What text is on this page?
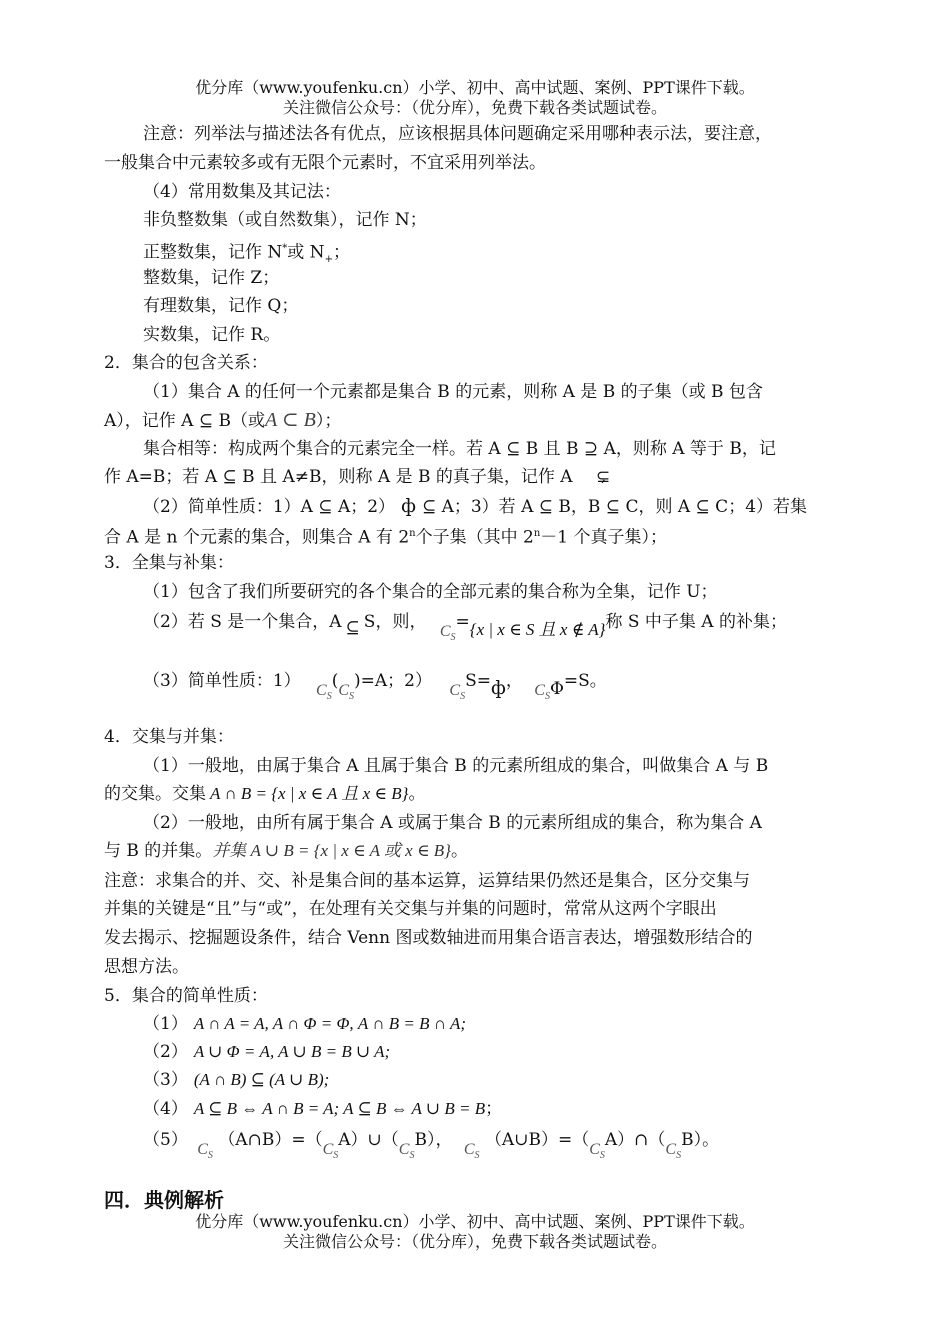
优分库（www.youfenku.cn）小学、初中、高中试题、案例、PPT课件下载。
关注微信公众号：（优分库），免费下载各类试题试卷。
注意：列举法与描述法各有优点，应该根据具体问题确定采用哪种表示法，要注意，
一般集合中元素较多或有无限个元素时，不宜采用列举法。
（4）常用数集及其记法：
非负整数集（或自然数集），记作 N；
正整数集，记作 N*或 $N_+$；
整数集，记作 Z；
有理数集，记作 Q；
实数集，记作 R。
2．集合的包含关系：
（1）集合 A 的任何一个元素都是集合 B 的元素，则称 A 是 B 的子集（或 B 包含
A），记作 A ⊆ B（或A ⊂ B）；
集合相等：构成两个集合的元素完全一样。若 A ⊆ B 且 B ⊇ A，则称 A 等于 B，记
作 A=B；若 A ⊆ B 且 A≠B，则称 A 是 B 的真子集，记作 A ⊊
（2）简单性质：1）A ⊆ A；2） ф ⊆ A；3）若 A ⊆ B，B ⊆ C，则 A ⊆ C；4）若集
合 A 是 n 个元素的集合，则集合 A 有 2$^n$个子集（其中 $2^n-1$ 个真子集）；
3．全集与补集：
（1）包含了我们所要研究的各个集合的全部元素的集合称为全集，记作 U；
（2）若 S 是一个集合，A ⊆ S，则， $C_S=\{x$ | x ∈ S 且 x ∉ A}称 S 中子集 A 的补集；
（3）简单性质：1） $C_S(C_S)=A$；2） $C_SS=ф$， $C_S\Phi=S$。
4．交集与并集：
（1）一般地，由属于集合 A 且属于集合 B 的元素所组成的集合，叫做集合 A 与 B
的交集。交集 A ∩ B = {x | x ∈ A 且 x ∈ B}。
（2）一般地，由所有属于集合 A 或属于集合 B 的元素所组成的集合，称为集合 A
与 B 的并集。并集 A ∪ B = {x | x ∈ A 或 x ∈ B}。
注意：求集合的并、交、补是集合间的基本运算，运算结果仍然还是集合，区分交集与
并集的关键是“且”与“或”，在处理有关交集与并集的问题时，常常从这两个字眼出
发去揭示、挖掘题设条件，结合 Venn 图或数轴进而用集合语言表达，增强数形结合的
思想方法。
5．集合的简单性质：
（1） A ∩ A = A, A ∩ Φ = Φ, A ∩ B = B ∩ A;
（2） A ∪ Φ = A, A ∪ B = B ∪ A;
（3） (A ∩ B) ⊆ (A ∪ B);
（4） A ⊆ B ⇔ A ∩ B = A; A ⊆ B ⇔ A ∪ B = B；
（5） $C_S$ $(A\cap B)=(C_SA)\cup(C_SB)$， $C_S$ $(A\cup B)=(C_SA)\cap(C_SB)$。
四．典例解析
优分库（www.youfenku.cn）小学、初中、高中试题、案例、PPT课件下载。
关注微信公众号：（优分库），免费下载各类试题试卷。
